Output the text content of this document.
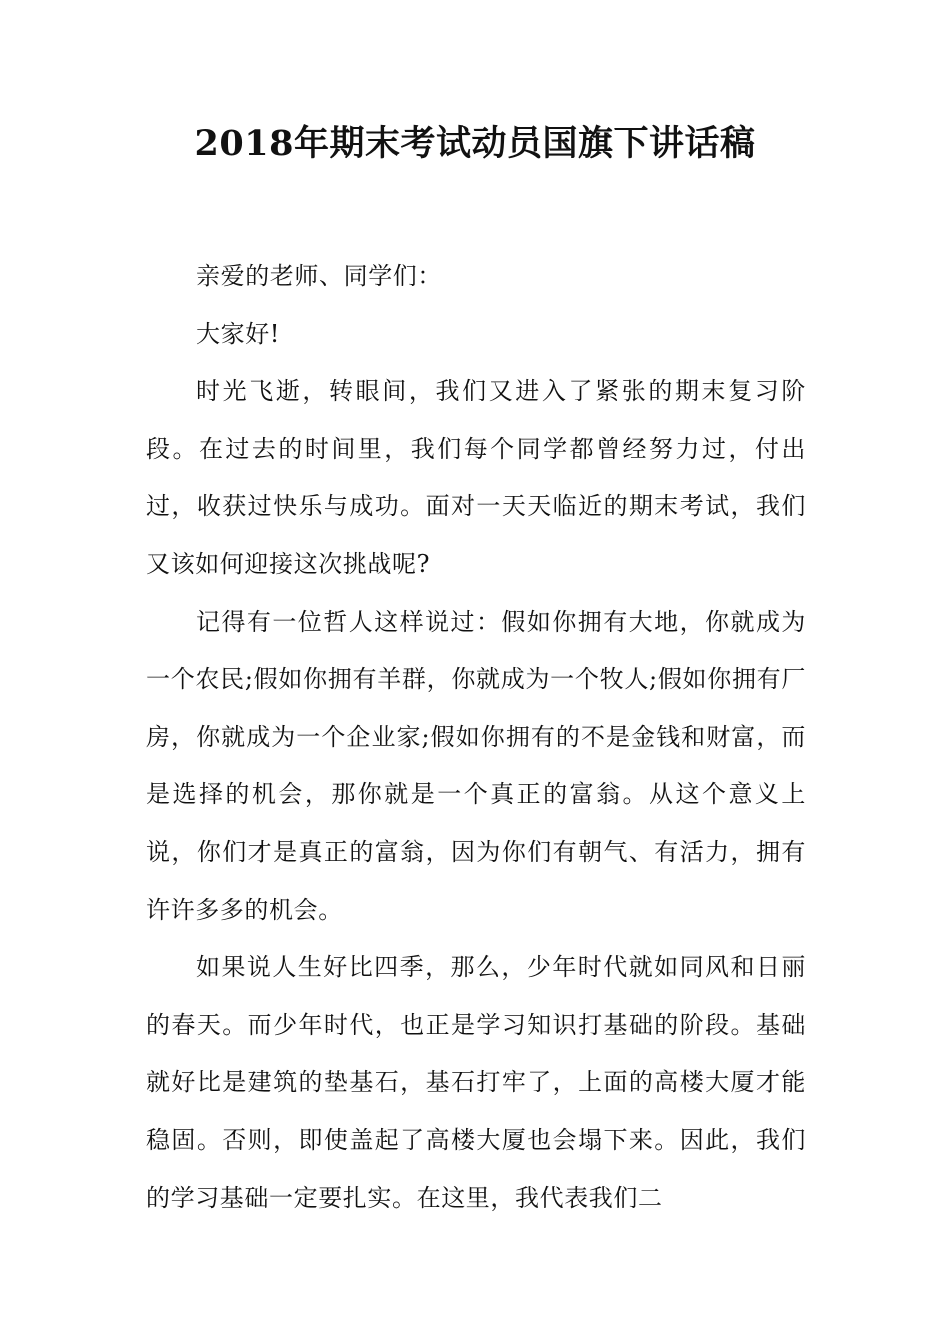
2018年期末考试动员国旗下讲话稿

亲爱的老师、同学们：

大家好!

时光飞逝，转眼间，我们又进入了紧张的期末复习阶段。在过去的时间里，我们每个同学都曾经努力过，付出过，收获过快乐与成功。面对一天天临近的期末考试，我们又该如何迎接这次挑战呢?

记得有一位哲人这样说过：假如你拥有大地，你就成为一个农民;假如你拥有羊群，你就成为一个牧人;假如你拥有厂房，你就成为一个企业家;假如你拥有的不是金钱和财富，而是选择的机会，那你就是一个真正的富翁。从这个意义上说，你们才是真正的富翁，因为你们有朝气、有活力，拥有许许多多的机会。

如果说人生好比四季，那么，少年时代就如同风和日丽的春天。而少年时代，也正是学习知识打基础的阶段。基础就好比是建筑的垫基石，基石打牢了，上面的高楼大厦才能稳固。否则，即使盖起了高楼大厦也会塌下来。因此，我们的学习基础一定要扎实。在这里，我代表我们二
